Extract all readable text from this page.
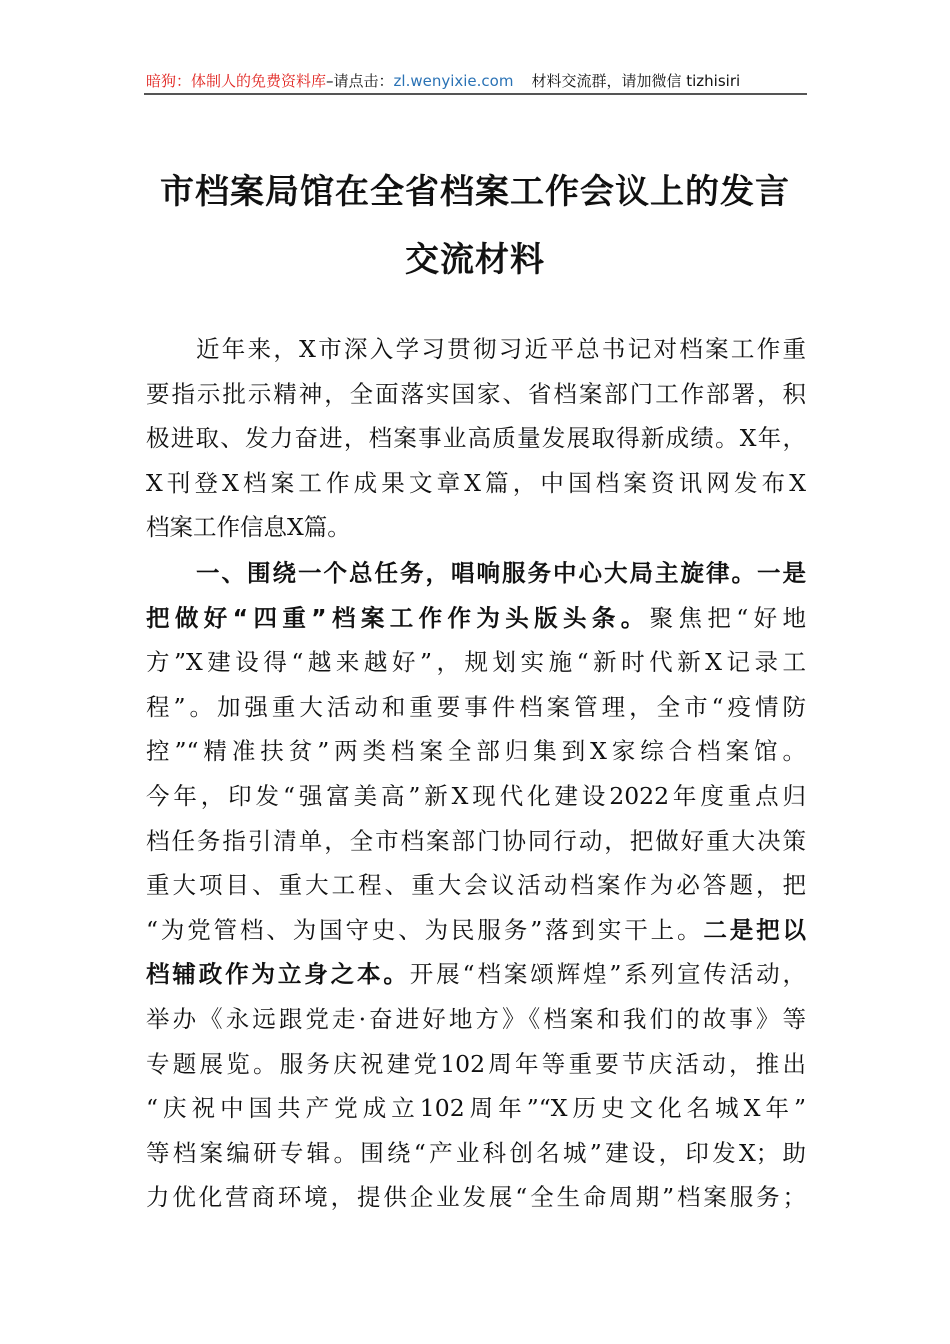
暗狗：体制人的免费资料库–请点击：zl.wenyixie.com 材料交流群，请加微信 tizhisiri
市档案局馆在全省档案工作会议上的发言
交流材料
近年来，X市深入学习贯彻习近平总书记对档案工作重
要指示批示精神，全面落实国家、省档案部门工作部署，积
极进取、发力奋进，档案事业高质量发展取得新成绩。X年，
X刊登X档案工作成果文章X篇，中国档案资讯网发布X
档案工作信息X篇。
一、围绕一个总任务，唱响服务中心大局主旋律。一是
把做好“四重”档案工作作为头版头条。聚焦把“好地
方”X建设得“越来越好”，规划实施“新时代新X记录工
程”。加强重大活动和重要事件档案管理，全市“疫情防
控”“精准扶贫”两类档案全部归集到X家综合档案馆。
今年，印发“强富美高”新X现代化建设2022年度重点归
档任务指引清单，全市档案部门协同行动，把做好重大决策
重大项目、重大工程、重大会议活动档案作为必答题，把
“为党管档、为国守史、为民服务”落到实干上。二是把以
档辅政作为立身之本。开展“档案颂辉煌”系列宣传活动，
举办《永远跟党走·奋进好地方》《档案和我们的故事》等
专题展览。服务庆祝建党102周年等重要节庆活动，推出
“庆祝中国共产党成立102周年”“X历史文化名城X年”
等档案编研专辑。围绕“产业科创名城”建设，印发X；助
力优化营商环境，提供企业发展“全生命周期”档案服务；
